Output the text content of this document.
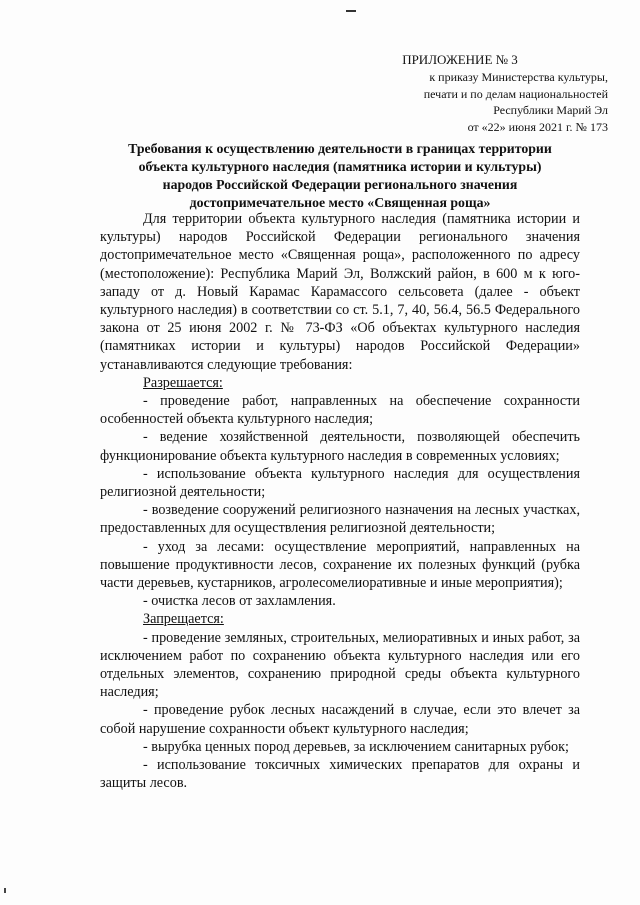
ПРИЛОЖЕНИЕ № 3
к приказу Министерства культуры,
печати и по делам национальностей
Республики Марий Эл
от «22» июня 2021 г. № 173
Требования к осуществлению деятельности в границах территории
объекта культурного наследия (памятника истории и культуры)
народов Российской Федерации регионального значения
достопримечательное место «Священная роща»

Для территории объекта культурного наследия (памятника истории и культуры) народов Российской Федерации регионального значения достопримечательное место «Священная роща», расположенного по адресу (местоположение): Республика Марий Эл, Волжский район, в 600 м к юго-западу от д. Новый Карамас Карамассого сельсовета (далее - объект культурного наследия) в соответствии со ст. 5.1, 7, 40, 56.4, 56.5 Федерального закона от 25 июня 2002 г. № 73-ФЗ «Об объектах культурного наследия (памятниках истории и культуры) народов Российской Федерации» устанавливаются следующие требования:

Разрешается:

- проведение работ, направленных на обеспечение сохранности особенностей объекта культурного наследия;

- ведение хозяйственной деятельности, позволяющей обеспечить функционирование объекта культурного наследия в современных условиях;

- использование объекта культурного наследия для осуществления религиозной деятельности;

- возведение сооружений религиозного назначения на лесных участках, предоставленных для осуществления религиозной деятельности;

- уход за лесами: осуществление мероприятий, направленных на повышение продуктивности лесов, сохранение их полезных функций (рубка части деревьев, кустарников, агролесомелиоративные и иные мероприятия);

- очистка лесов от захламления.

Запрещается:

- проведение земляных, строительных, мелиоративных и иных работ, за исключением работ по сохранению объекта культурного наследия или его отдельных элементов, сохранению природной среды объекта культурного наследия;

- проведение рубок лесных насаждений в случае, если это влечет за собой нарушение сохранности объект культурного наследия;

- вырубка ценных пород деревьев, за исключением санитарных рубок;

- использование токсичных химических препаратов для охраны и защиты лесов.
